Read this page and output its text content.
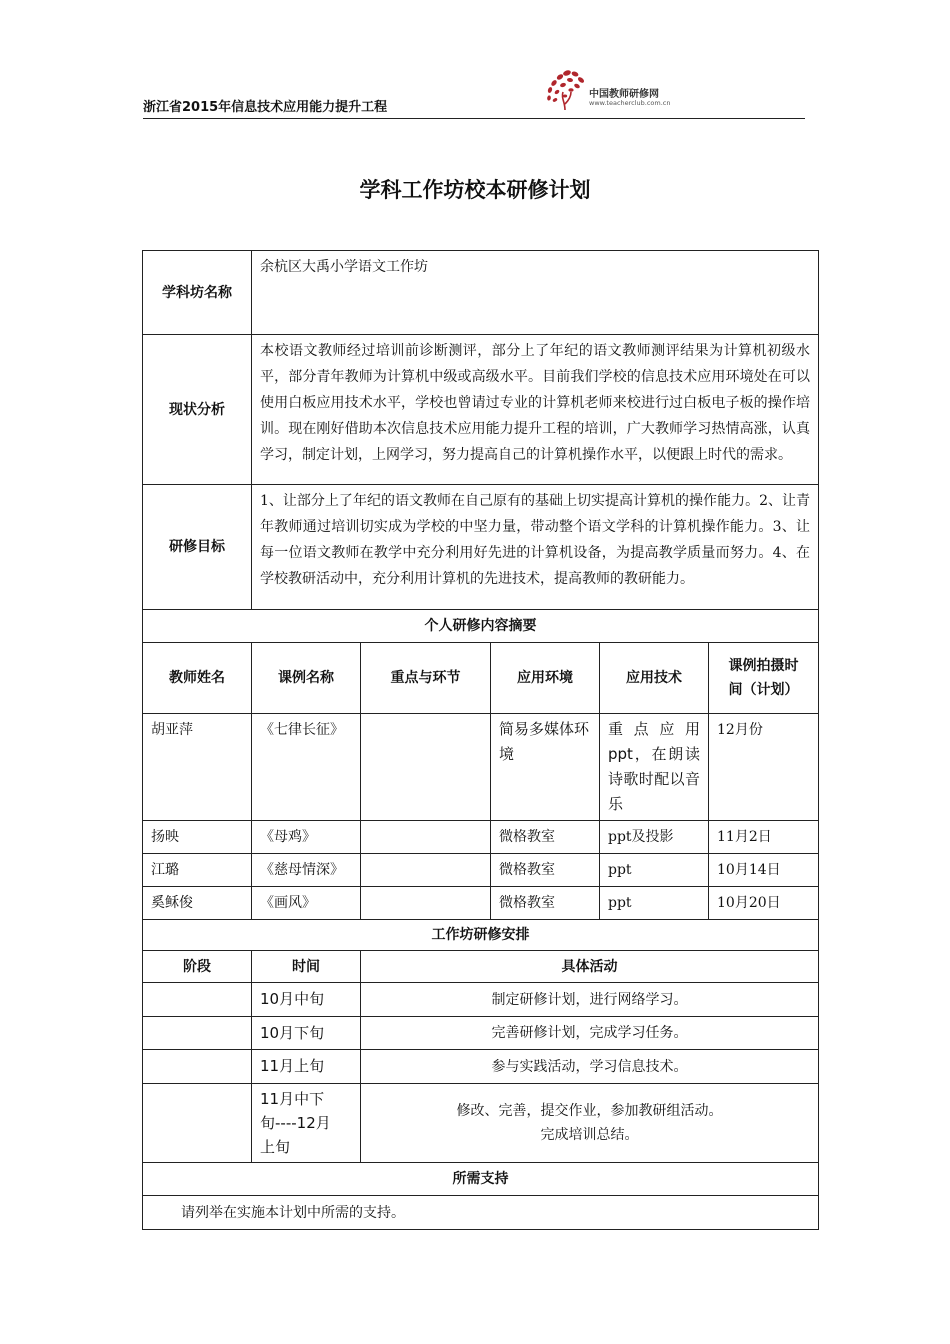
浙江省2015年信息技术应用能力提升工程
中国教师研修网
www.teacherclub.com.cn
学科工作坊校本研修计划
学科坊名称	余杭区大禹小学语文工作坊				
现状分析	本校语文教师经过培训前诊断测评，部分上了年纪的语文教师测评结果为计算机初级水平，部分青年教师为计算机中级或高级水平。目前我们学校的信息技术应用环境处在可以使用白板应用技术水平，学校也曾请过专业的计算机老师来校进行过白板电子板的操作培训。现在刚好借助本次信息技术应用能力提升工程的培训，广大教师学习热情高涨，认真学习，制定计划，上网学习，努力提高自己的计算机操作水平，以便跟上时代的需求。				
研修目标	1、让部分上了年纪的语文教师在自己原有的基础上切实提高计算机的操作能力。2、让青年教师通过培训切实成为学校的中坚力量，带动整个语文学科的计算机操作能力。3、让每一位语文教师在教学中充分利用好先进的计算机设备，为提高教学质量而努力。4、在学校教研活动中，充分利用计算机的先进技术，提高教师的教研能力。				
个人研修内容摘要					
教师姓名	课例名称	重点与环节	应用环境	应用技术	课例拍摄时
间（计划）

胡亚萍	《七律长征》		简易多媒体环境	重点应用ppt，在朗读诗歌时配以音乐	12月份
扬映	《母鸡》		微格教室	ppt及投影	11月2日
江璐	《慈母情深》		微格教室	ppt	10月14日
奚稣俊	《画风》		微格教室	ppt	10月20日
工作坊研修安排					
阶段	时间	具体活动			
	10月中旬	制定研修计划，进行网络学习。			
	10月下旬	完善研修计划，完成学习任务。			
	11月上旬	参与实践活动，学习信息技术。			

	11月中下
旬----12月
上旬	修改、完善，提交作业，参加教研组活动。
完成培训总结。			

所需支持					
请列举在实施本计划中所需的支持。					
